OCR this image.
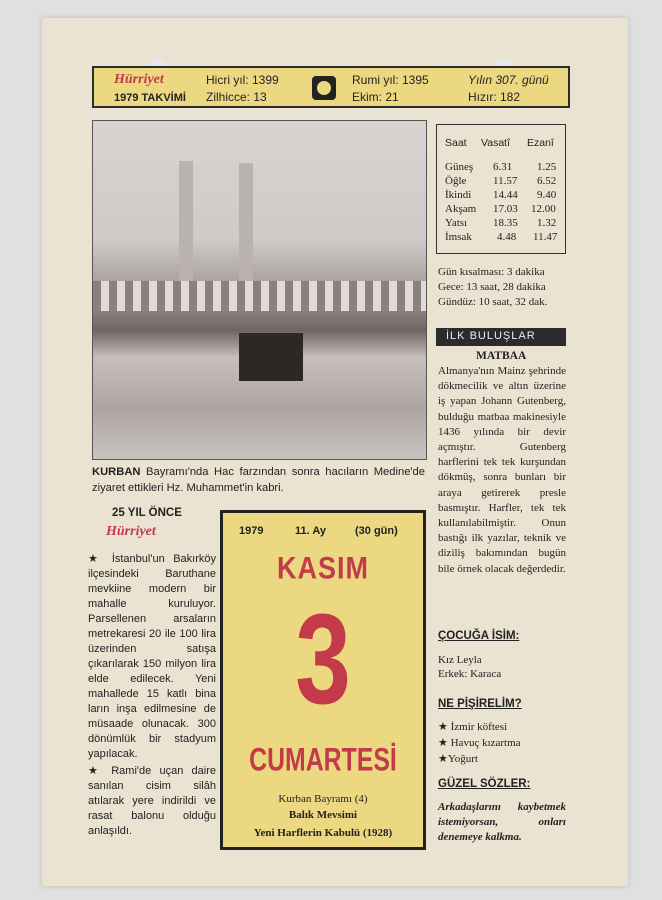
Hürriyet
1979 TAKVİMİ
Hicri yıl: 1399
Zilhicce: 13
Rumi yıl: 1395
Ekim: 21
Yılın 307. günü
Hızır: 182
KURBAN Bayramı'nda Hac farzından sonra hacıların Medine'de ziyaret ettikleri Hz. Muhammet'in kabri.
Saat Vasatî Ezanî
Güneş 6.31 1.25
Öğle 11.57 6.52
İkindi 14.44 9.40
Akşam 17.03 12.00
Yatsı 18.35 1.32
İmsak 4.48 11.47
Gün kısalması: 3 dakika
Gece: 13 saat, 28 dakika
Gündüz: 10 saat, 32 dak.
İLK BULUŞLAR
MATBAA
Almanya'nın Mainz şehrinde dökmecilik ve altın üzerine iş yapan Johann Gutenberg, bulduğu matbaa makinesiyle 1436 yılında bir devir açmıştır. Gutenberg harflerini tek tek kurşundan dökmüş, sonra bunları bir araya getirerek presle basmıştır. Harfler, tek tek kullanılabilmiştir. Onun bastığı ilk yazılar, teknik ve diziliş bakımından bugün bile örnek olacak değerdedir.
ÇOCUĞA İSİM:
Kız Leyla
Erkek: Karaca
NE PİŞİRELİM?
★ İzmir köftesi
★ Havuç kızartma
★Yoğurt
GÜZEL SÖZLER:
Arkadaşlarını kaybetmek istemiyorsan, onları denemeye kalkma.
25 YIL ÖNCE
Hürriyet
★ İstanbul'un Bakırköy ilçesindeki Baruthane mevkiine modern bir mahalle kuruluyor. Parsellenen arsaların metrekaresi 20 ile 100 lira üzerinden satışa çıkarılarak 150 milyon lira elde edilecek. Yeni mahallede 15 katlı bina ların inşa edilmesine de müsaade olunacak. 300 dönümlük bir stadyum yapılacak.
★ Rami'de uçan daire sanılan cisim silâh atılarak yere indirildi ve rasat balonu olduğu anlaşıldı.
1979	11. Ay	(30 gün)
KASIM
3
CUMARTESİ
Kurban Bayramı (4)
Balık Mevsimi
Yeni Harflerin Kabulü (1928)
